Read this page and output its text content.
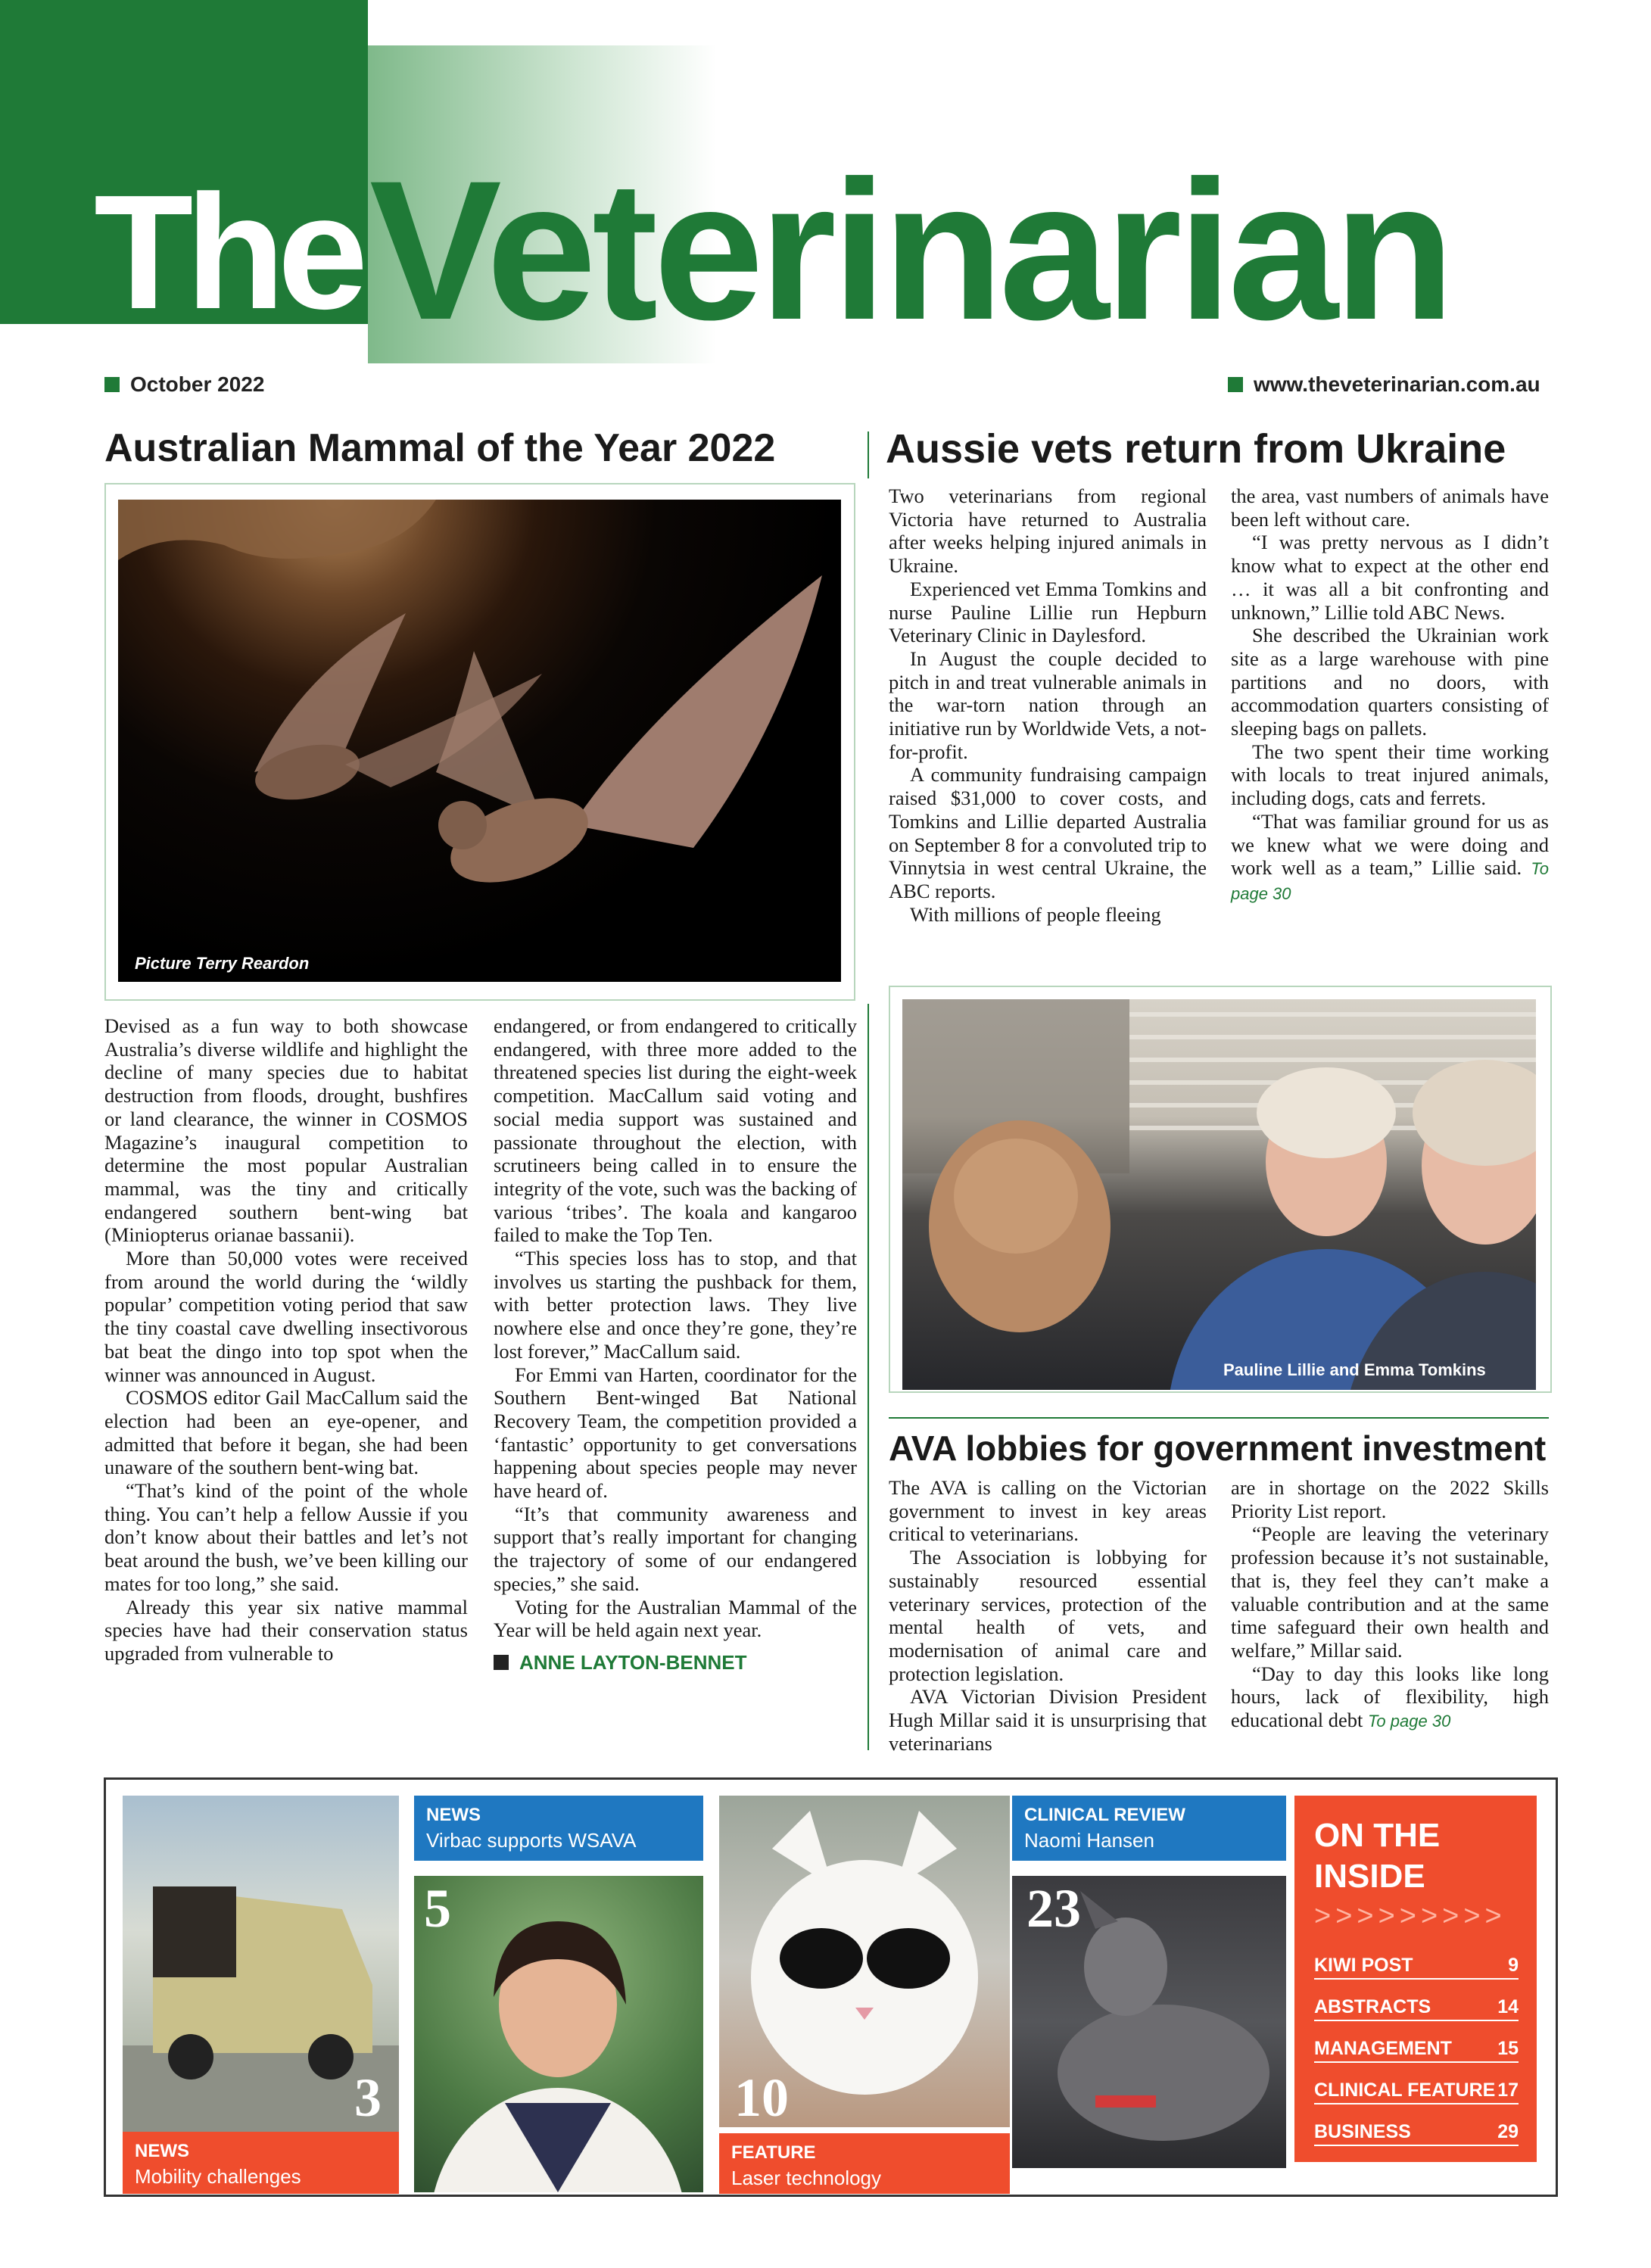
The Veterinarian
October 2022	www.theveterinarian.com.au
Australian Mammal of the Year 2022
Picture Terry Reardon

Devised as a fun way to both showcase Australia’s diverse wildlife and highlight the decline of many species due to habitat destruction from floods, drought, bushfires or land clearance, the winner in COSMOS Magazine’s inaugural competition to determine the most popular Australian mammal, was the tiny and critically endangered southern bent-wing bat (Miniopterus orianae bassanii).

More than 50,000 votes were received from around the world during the ‘wildly popular’ competition voting period that saw the tiny coastal cave dwelling insectivorous bat beat the dingo into top spot when the winner was announced in August.

COSMOS editor Gail MacCallum said the election had been an eye-opener, and admitted that before it began, she had been unaware of the southern bent-wing bat.

“That’s kind of the point of the whole thing. You can’t help a fellow Aussie if you don’t know about their battles and let’s not beat around the bush, we’ve been killing our mates for too long,” she said.

Already this year six native mammal species have had their conservation status upgraded from vulnerable to

endangered, or from endangered to critically endangered, with three more added to the threatened species list during the eight-week competition. MacCallum said voting and social media support was sustained and passionate throughout the election, with scrutineers being called in to ensure the integrity of the vote, such was the backing of various ‘tribes’. The koala and kangaroo failed to make the Top Ten.

“This species loss has to stop, and that involves us starting the pushback for them, with better protection laws. They live nowhere else and once they’re gone, they’re lost forever,” MacCallum said.

For Emmi van Harten, coordinator for the Southern Bent-winged Bat National Recovery Team, the competition provided a ‘fantastic’ opportunity to get conversations happening about species people may never have heard of.

“It’s that community awareness and support that’s really important for changing the trajectory of some of our endangered species,” she said.

Voting for the Australian Mammal of the Year will be held again next year.

ANNE LAYTON-BENNET
Aussie vets return from Ukraine

Two veterinarians from regional Victoria have returned to Australia after weeks helping injured animals in Ukraine.

Experienced vet Emma Tomkins and nurse Pauline Lillie run Hepburn Veterinary Clinic in Daylesford.

In August the couple decided to pitch in and treat vulnerable animals in the war-torn nation through an initiative run by Worldwide Vets, a not-for-profit.

A community fundraising campaign raised $31,000 to cover costs, and Tomkins and Lillie departed Australia on September 8 for a convoluted trip to Vinnytsia in west central Ukraine, the ABC reports.

With millions of people fleeing

the area, vast numbers of animals have been left without care.

“I was pretty nervous as I didn’t know what to expect at the other end … it was all a bit confronting and unknown,” Lillie told ABC News.

She described the Ukrainian work site as a large warehouse with pine partitions and no doors, with accommodation quarters consisting of sleeping bags on pallets.

The two spent their time working with locals to treat injured animals, including dogs, cats and ferrets.

“That was familiar ground for us as we knew what we were doing and work well as a team,” Lillie said. To page 30

Pauline Lillie and Emma Tomkins
AVA lobbies for government investment

The AVA is calling on the Victorian government to invest in key areas critical to veterinarians.

The Association is lobbying for sustainably resourced essential veterinary services, protection of the mental health of vets, and modernisation of animal care and protection legislation.

AVA Victorian Division President Hugh Millar said it is unsurprising that veterinarians

are in shortage on the 2022 Skills Priority List report.

“People are leaving the veterinary profession because it’s not sustainable, that is, they feel they can’t make a valuable contribution and at the same time safeguard their own health and welfare,” Millar said.

“Day to day this looks like long hours, lack of flexibility, high educational debt To page 30

3
NEWS
Mobility challenges
NEWS
Virbac supports WSAVA
5
10
FEATURE
Laser technology
CLINICAL REVIEW
Naomi Hansen
23
ON THE
INSIDE
>>>>>>>>>
KIWI POST	9
ABSTRACTS	14
MANAGEMENT 15
CLINICAL FEATURE 17
BUSINESS	29
